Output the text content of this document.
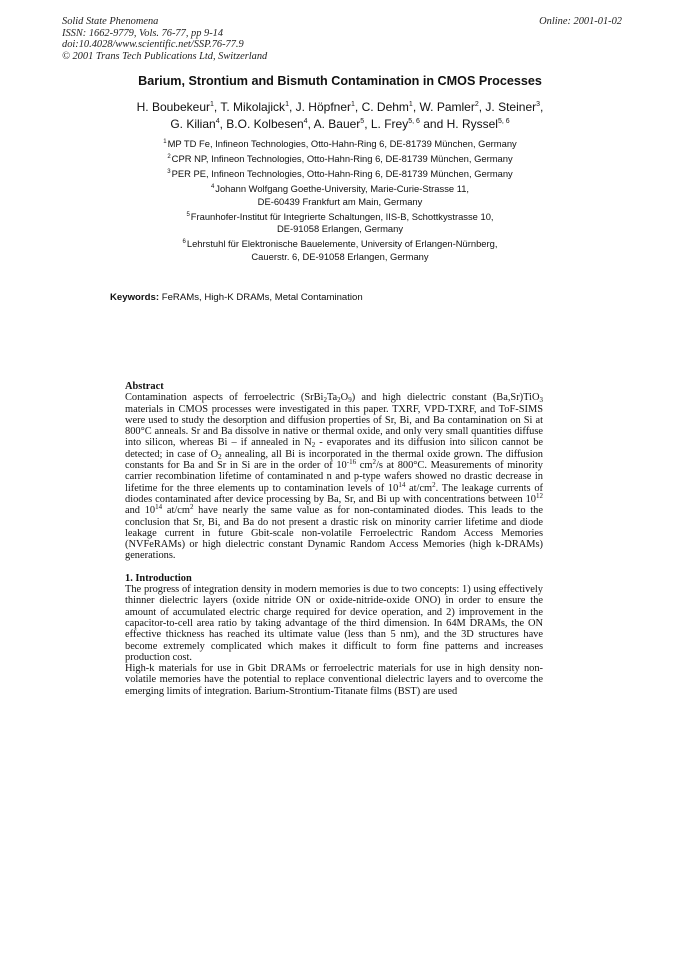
Solid State Phenomena
ISSN: 1662-9779, Vols. 76-77, pp 9-14
doi:10.4028/www.scientific.net/SSP.76-77.9
© 2001 Trans Tech Publications Ltd, Switzerland
Online: 2001-01-02
Barium, Strontium and Bismuth Contamination in CMOS Processes
H. Boubekeur$^1$, T. Mikolajick$^1$, J. Höpfner$^1$, C. Dehm$^1$, W. Pamler$^2$, J. Steiner$^3$,
G. Kilian$^4$, B.O. Kolbesen$^4$, A. Bauer$^5$, L. Frey$^{5, 6}$ and H. Ryssel$^{5, 6}$
$^1$MP TD Fe, Infineon Technologies, Otto-Hahn-Ring 6, DE-81739 München, Germany
$^2$CPR NP, Infineon Technologies, Otto-Hahn-Ring 6, DE-81739 München, Germany
$^3$PER PE, Infineon Technologies, Otto-Hahn-Ring 6, DE-81739 München, Germany
$^4$Johann Wolfgang Goethe-University, Marie-Curie-Strasse 11,
DE-60439 Frankfurt am Main, Germany
$^5$Fraunhofer-Institut für Integrierte Schaltungen, IIS-B, Schottkystrasse 10,
DE-91058 Erlangen, Germany
$^6$Lehrstuhl für Elektronische Bauelemente, University of Erlangen-Nürnberg,
Cauerstr. 6, DE-91058 Erlangen, Germany
Keywords: FeRAMs, High-K DRAMs, Metal Contamination
Abstract

Contamination aspects of ferroelectric $(SrBi_2Ta_2O_9)$ and high dielectric constant (Ba,Sr)TiO$_3$ materials in CMOS processes were investigated in this paper. TXRF, VPD-TXRF, and ToF-SIMS were used to study the desorption and diffusion properties of Sr, Bi, and Ba contamination on Si at 800°C anneals. Sr and Ba dissolve in native or thermal oxide, and only very small quantities diffuse into silicon, whereas Bi – if annealed in $N_2$ - evaporates and its diffusion into silicon cannot be detected; in case of $O_2$ annealing, all Bi is incorporated in the thermal oxide grown. The diffusion constants for Ba and Sr in Si are in the order of $10^{-16}$ $cm^2/s$ at 800°C. Measurements of minority carrier recombination lifetime of contaminated n and p-type wafers showed no drastic decrease in lifetime for the three elements up to contamination levels of $10^{14}$ $at/cm^2$. The leakage currents of diodes contaminated after device processing by Ba, Sr, and Bi up with concentrations between $10^{12}$ and $10^{14}$ $at/cm^2$ have nearly the same value as for non-contaminated diodes. This leads to the conclusion that Sr, Bi, and Ba do not present a drastic risk on minority carrier lifetime and diode leakage current in future Gbit-scale non-volatile Ferroelectric Random Access Memories (NVFeRAMs) or high dielectric constant Dynamic Random Access Memories (high k-DRAMs) generations.

1. Introduction

The progress of integration density in modern memories is due to two concepts: 1) using effectively thinner dielectric layers (oxide nitride ON or oxide-nitride-oxide ONO) in order to ensure the amount of accumulated electric charge required for device operation, and 2) improvement in the capacitor-to-cell area ratio by taking advantage of the third dimension. In 64M DRAMs, the ON effective thickness has reached its ultimate value (less than 5 nm), and the 3D structures have become extremely complicated which makes it difficult to form fine patterns and increases production cost.

High-k materials for use in Gbit DRAMs or ferroelectric materials for use in high density non-volatile memories have the potential to replace conventional dielectric layers and to overcome the emerging limits of integration. Barium-Strontium-Titanate films (BST) are used
